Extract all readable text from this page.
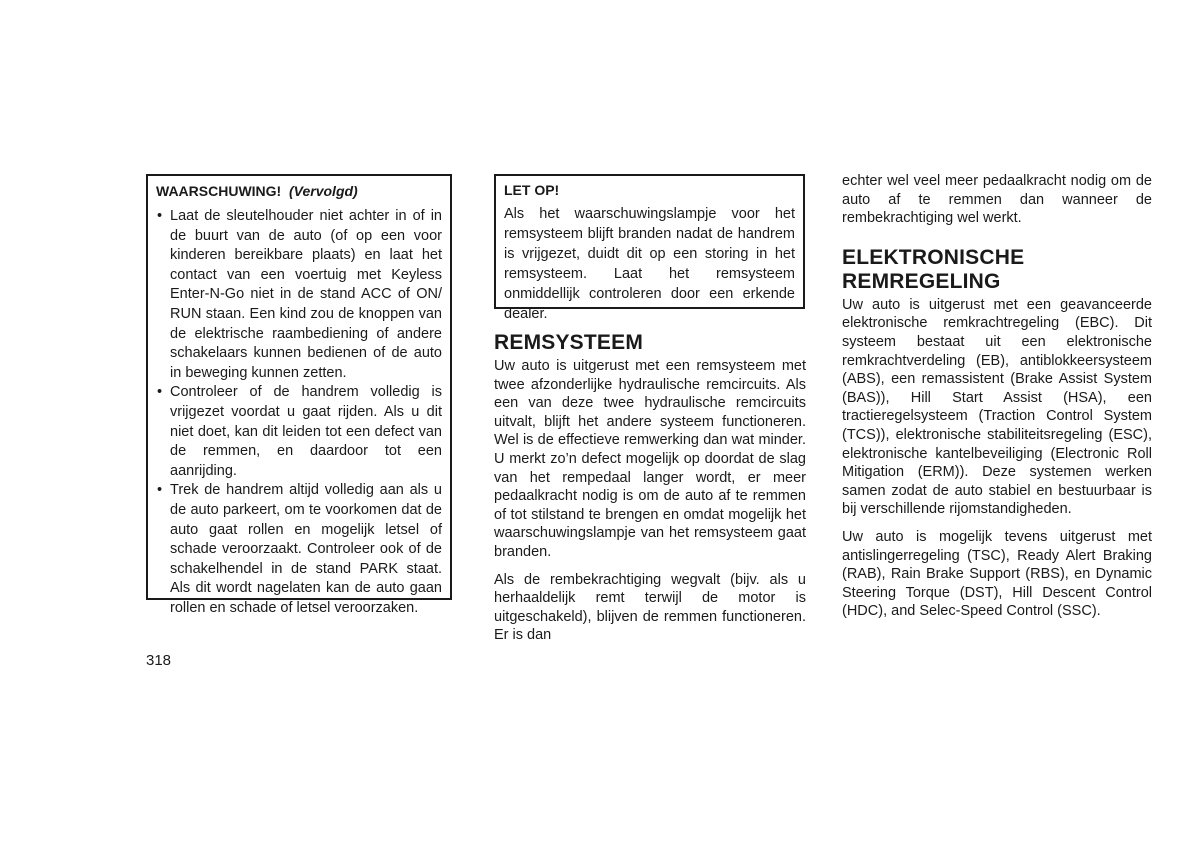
WAARSCHUWING! (Vervolgd)
• Laat de sleutelhouder niet achter in of in de buurt van de auto (of op een voor kinderen bereikbare plaats) en laat het contact van een voertuig met Keyless Enter-N-Go niet in de stand ACC of ON/ RUN staan. Een kind zou de knoppen van de elektrische raambediening of andere schakelaars kunnen bedienen of de auto in beweging kunnen zetten.
• Controleer of de handrem volledig is vrijgezet voordat u gaat rijden. Als u dit niet doet, kan dit leiden tot een defect van de remmen, en daardoor tot een aanrijding.
• Trek de handrem altijd volledig aan als u de auto parkeert, om te voorkomen dat de auto gaat rollen en mogelijk letsel of schade veroorzaakt. Controleer ook of de schakelhendel in de stand PARK staat. Als dit wordt nagelaten kan de auto gaan rollen en schade of letsel veroorzaken.
LET OP!
Als het waarschuwingslampje voor het remsysteem blijft branden nadat de handrem is vrijgezet, duidt dit op een storing in het remsysteem. Laat het remsysteem onmiddellijk controleren door een erkende dealer.
REMSYSTEEM

Uw auto is uitgerust met een remsysteem met twee afzonderlijke hydraulische remcircuits. Als een van deze twee hydraulische remcircuits uitvalt, blijft het andere systeem functioneren. Wel is de effectieve remwerking dan wat minder. U merkt zo’n defect mogelijk op doordat de slag van het rempedaal langer wordt, er meer pedaalkracht nodig is om de auto af te remmen of tot stilstand te brengen en omdat mogelijk het waarschuwingslampje van het remsysteem gaat branden.

Als de rembekrachtiging wegvalt (bijv. als u herhaaldelijk remt terwijl de motor is uitgeschakeld), blijven de remmen functioneren. Er is dan

echter wel veel meer pedaalkracht nodig om de auto af te remmen dan wanneer de rembekrachtiging wel werkt.

ELEKTRONISCHE
REMREGELING

Uw auto is uitgerust met een geavanceerde elektronische remkrachtregeling (EBC). Dit systeem bestaat uit een elektronische remkrachtverdeling (EB), antiblokkeersysteem (ABS), een remassistent (Brake Assist System (BAS)), Hill Start Assist (HSA), een tractieregelsysteem (Traction Control System (TCS)), elektronische stabiliteitsregeling (ESC), elektronische kantelbeveiliging (Electronic Roll Mitigation (ERM)). Deze systemen werken samen zodat de auto stabiel en bestuurbaar is bij verschillende rijomstandigheden.

Uw auto is mogelijk tevens uitgerust met antislingerregeling (TSC), Ready Alert Braking (RAB), Rain Brake Support (RBS), en Dynamic Steering Torque (DST), Hill Descent Control (HDC), and Selec-Speed Control (SSC).

318
